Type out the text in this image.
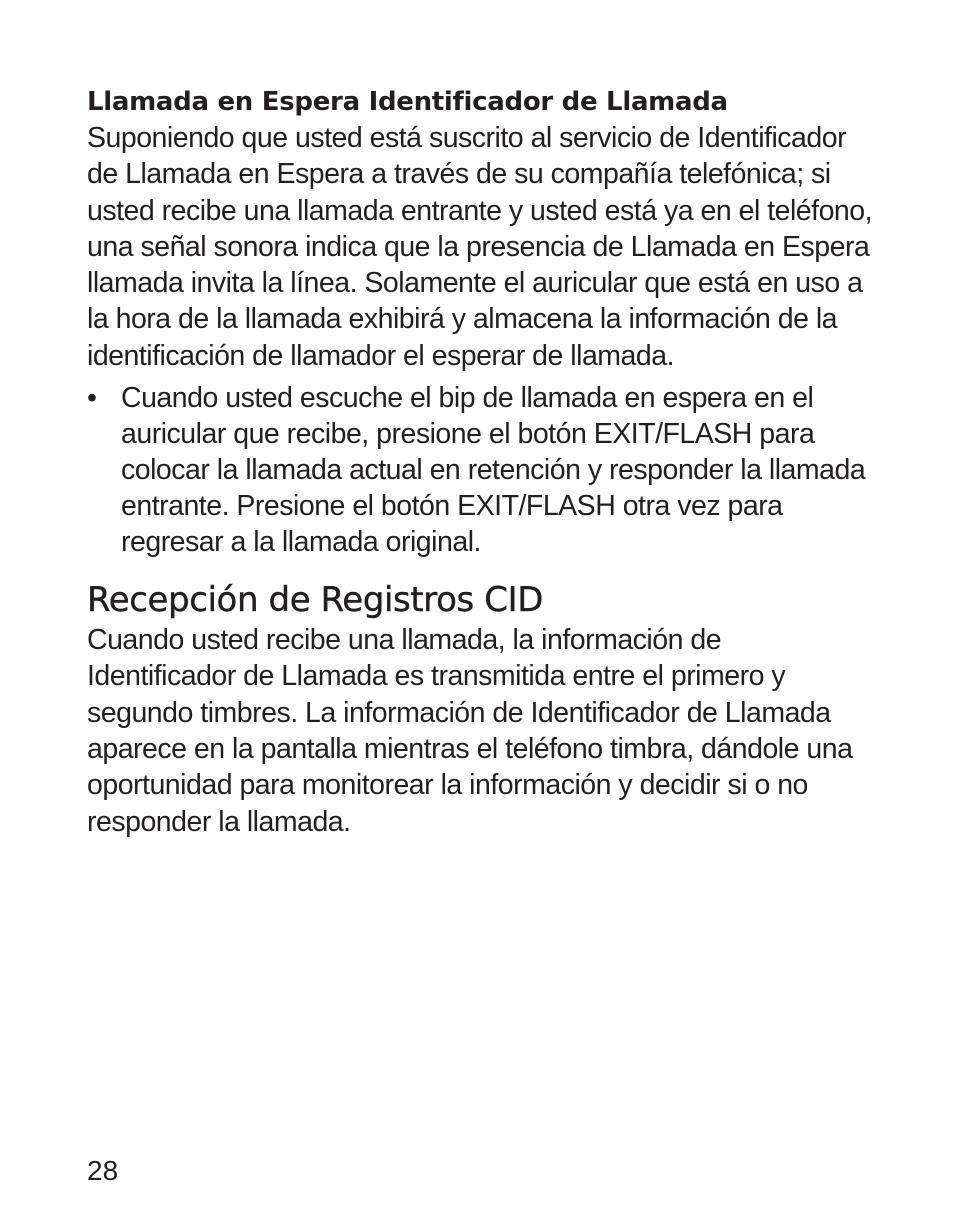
Llamada en Espera Identificador de Llamada

Suponiendo que usted está suscrito al servicio de Identificador de Llamada en Espera a través de su compañía telefónica; si usted recibe una llamada entrante y usted está ya en el teléfono, una señal sonora indica que la presencia de Llamada en Espera llamada invita la línea. Solamente el auricular que está en uso a la hora de la llamada exhibirá y almacena la información de la identificación de llamador el esperar de llamada.

• Cuando usted escuche el bip de llamada en espera en el auricular que recibe, presione el botón EXIT/FLASH para colocar la llamada actual en retención y responder la llamada entrante. Presione el botón EXIT/FLASH otra vez para regresar a la llamada original.
Recepción de Registros CID

Cuando usted recibe una llamada, la información de Identificador de Llamada es transmitida entre el primero y segundo timbres. La información de Identificador de Llamada aparece en la pantalla mientras el teléfono timbra, dándole una oportunidad para monitorear la información y decidir si o no responder la llamada.

28
